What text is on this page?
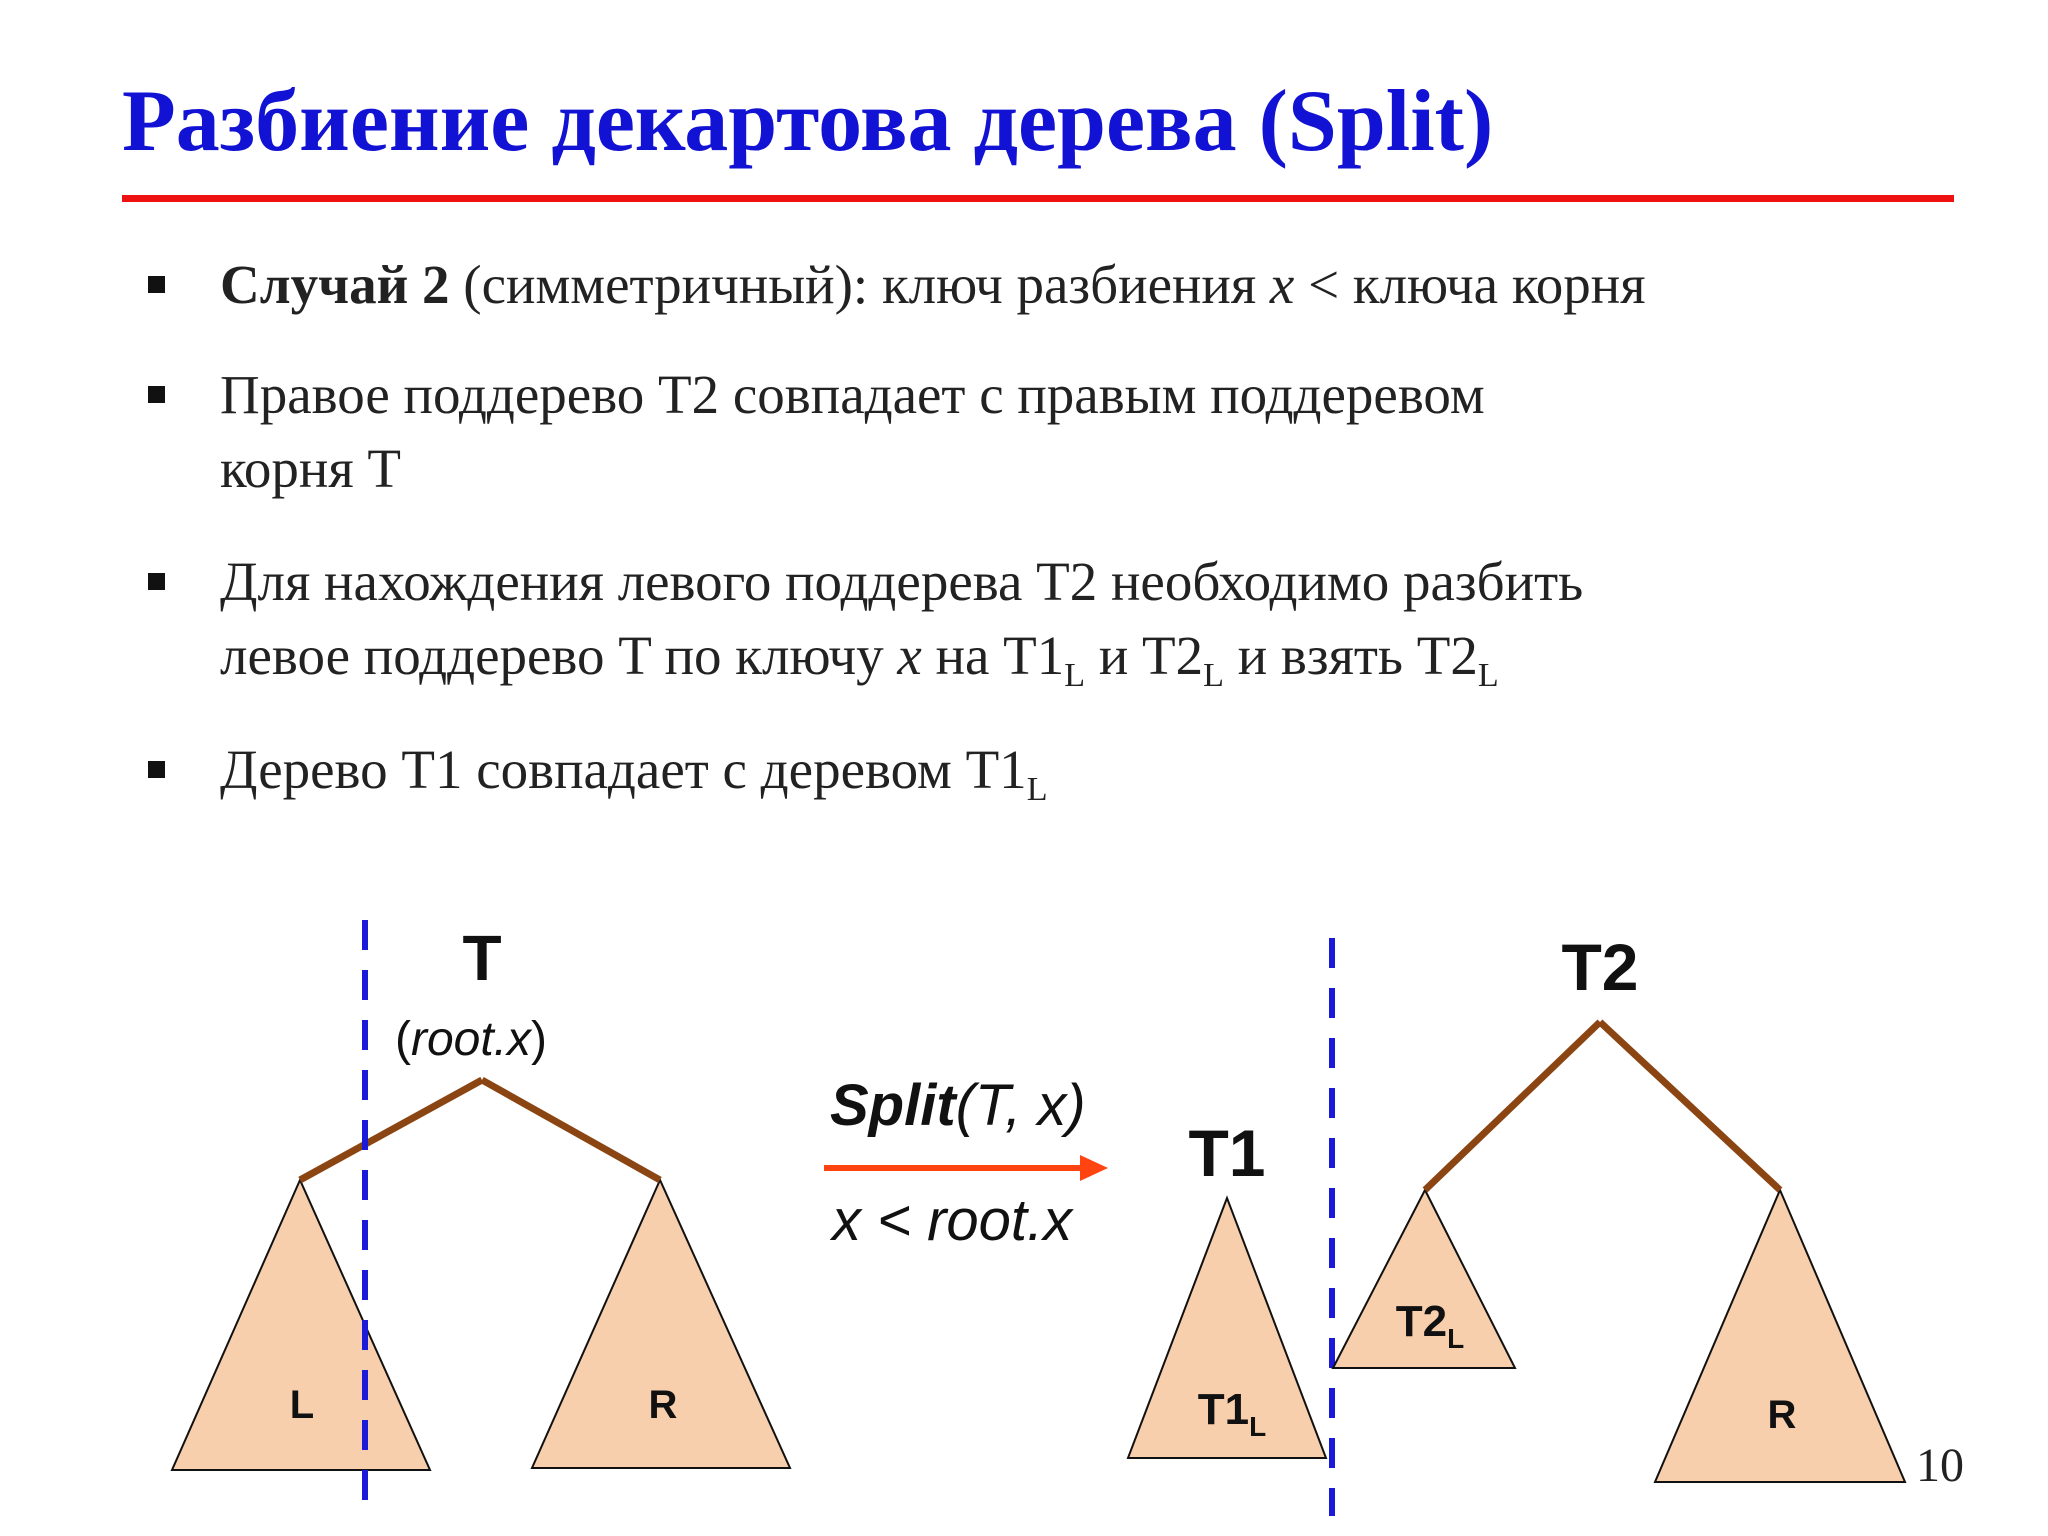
Разбиение декартова дерева (Split)
Случай 2 (симметричный): ключ разбиения x < ключа корня
Правое поддерево T2 совпадает с правым поддеревом
корня T
Для нахождения левого поддерева T2 необходимо разбить
левое поддерево T по ключу x на $T1_L$ и $T2_L$ и взять $T2_L$
Дерево T1 совпадает с деревом $T1_L$
T
(root.x)
L	R
Split(T, x)
x < root.x
T1
$T1_L$
T2
$T2_L$
R
10
